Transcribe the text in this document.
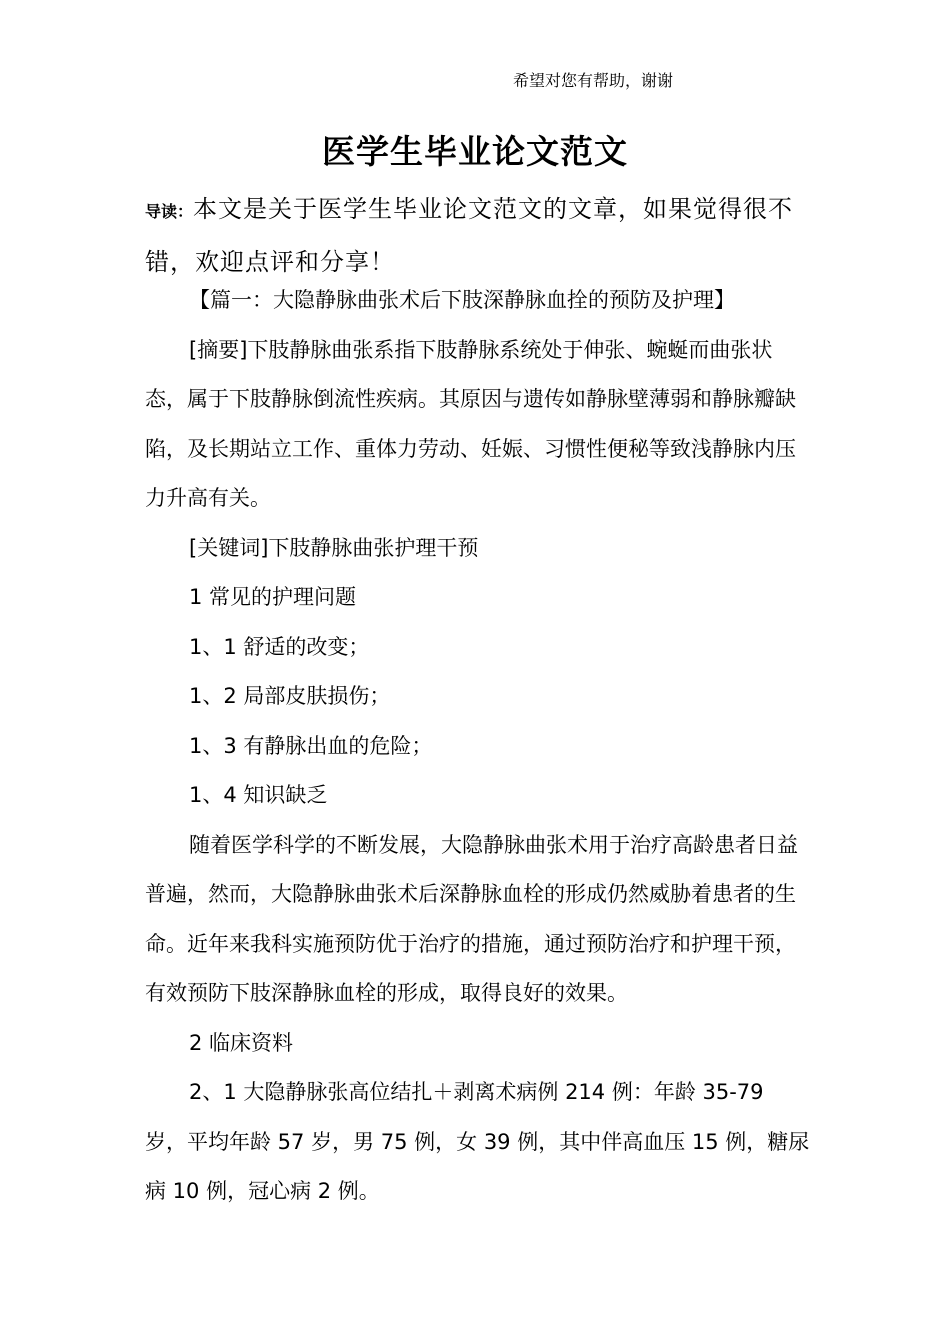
希望对您有帮助，谢谢
医学生毕业论文范文
导读：本文是关于医学生毕业论文范文的文章，如果觉得很不错，欢迎点评和分享！

【篇一：大隐静脉曲张术后下肢深静脉血拴的预防及护理】

[摘要]下肢静脉曲张系指下肢静脉系统处于伸张、蜿蜒而曲张状态，属于下肢静脉倒流性疾病。其原因与遗传如静脉壁薄弱和静脉瓣缺陷，及长期站立工作、重体力劳动、妊娠、习惯性便秘等致浅静脉内压力升高有关。

[关键词]下肢静脉曲张护理干预

1 常见的护理问题

1、1 舒适的改变；

1、2 局部皮肤损伤；

1、3 有静脉出血的危险；

1、4 知识缺乏

随着医学科学的不断发展，大隐静脉曲张术用于治疗高龄患者日益普遍，然而，大隐静脉曲张术后深静脉血栓的形成仍然威胁着患者的生命。近年来我科实施预防优于治疗的措施，通过预防治疗和护理干预，有效预防下肢深静脉血栓的形成，取得良好的效果。

2 临床资料

2、1 大隐静脉张高位结扎＋剥离术病例 214 例：年龄 35-79 岁，平均年龄 57 岁，男 75 例，女 39 例，其中伴高血压 15 例，糖尿病 10 例，冠心病 2 例。
